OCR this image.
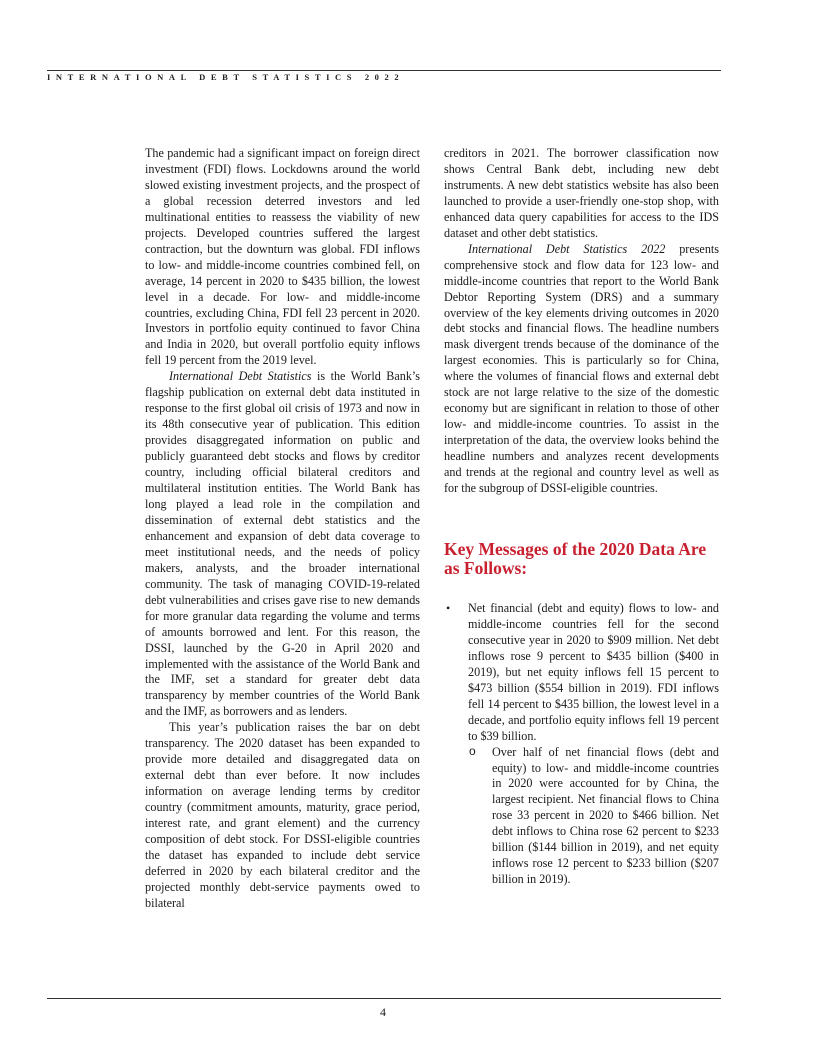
INTERNATIONAL DEBT STATISTICS 2022

The pandemic had a significant impact on foreign direct investment (FDI) flows. Lockdowns around the world slowed existing investment projects, and the prospect of a global recession deterred investors and led multinational entities to reassess the viability of new projects. Developed countries suffered the largest contraction, but the downturn was global. FDI inflows to low- and middle-income countries combined fell, on average, 14 percent in 2020 to $435 billion, the lowest level in a decade. For low- and middle-income countries, excluding China, FDI fell 23 percent in 2020. Investors in portfolio equity continued to favor China and India in 2020, but overall portfolio equity inflows fell 19 percent from the 2019 level.

International Debt Statistics is the World Bank’s flagship publication on external debt data instituted in response to the first global oil crisis of 1973 and now in its 48th consecutive year of publication. This edition provides disaggregated information on public and publicly guaranteed debt stocks and flows by creditor country, including official bilateral creditors and multilateral institution entities. The World Bank has long played a lead role in the compilation and dissemination of external debt statistics and the enhancement and expansion of debt data coverage to meet institutional needs, and the needs of policy makers, analysts, and the broader international community. The task of managing COVID-19-related debt vulnerabilities and crises gave rise to new demands for more granular data regarding the volume and terms of amounts borrowed and lent. For this reason, the DSSI, launched by the G-20 in April 2020 and implemented with the assistance of the World Bank and the IMF, set a standard for greater debt data transparency by member countries of the World Bank and the IMF, as borrowers and as lenders.

This year’s publication raises the bar on debt transparency. The 2020 dataset has been expanded to provide more detailed and disaggregated data on external debt than ever before. It now includes information on average lending terms by creditor country (commitment amounts, maturity, grace period, interest rate, and grant element) and the currency composition of debt stock. For DSSI-eligible countries the dataset has expanded to include debt service deferred in 2020 by each bilateral creditor and the projected monthly debt-service payments owed to bilateral

creditors in 2021. The borrower classification now shows Central Bank debt, including new debt instruments. A new debt statistics website has also been launched to provide a user-friendly one-stop shop, with enhanced data query capabilities for access to the IDS dataset and other debt statistics.

International Debt Statistics 2022 presents comprehensive stock and flow data for 123 low- and middle-income countries that report to the World Bank Debtor Reporting System (DRS) and a summary overview of the key elements driving outcomes in 2020 debt stocks and financial flows. The headline numbers mask divergent trends because of the dominance of the largest economies. This is particularly so for China, where the volumes of financial flows and external debt stock are not large relative to the size of the domestic economy but are significant in relation to those of other low- and middle-income countries. To assist in the interpretation of the data, the overview looks behind the headline numbers and analyzes recent developments and trends at the regional and country level as well as for the subgroup of DSSI-eligible countries.

Key Messages of the 2020 Data Are as Follows:
• Net financial (debt and equity) flows to low- and middle-income countries fell for the second consecutive year in 2020 to $909 million. Net debt inflows rose 9 percent to $435 billion ($400 in 2019), but net equity inflows fell 15 percent to $473 billion ($554 billion in 2019). FDI inflows fell 14 percent to $435 billion, the lowest level in a decade, and portfolio equity inflows fell 19 percent to $39 billion.
o Over half of net financial flows (debt and equity) to low- and middle-income countries in 2020 were accounted for by China, the largest recipient. Net financial flows to China rose 33 percent in 2020 to $466 billion. Net debt inflows to China rose 62 percent to $233 billion ($144 billion in 2019), and net equity inflows rose 12 percent to $233 billion ($207 billion in 2019).
4
